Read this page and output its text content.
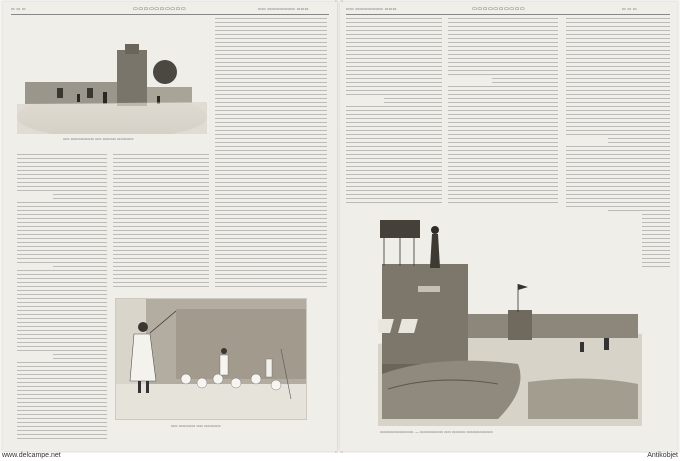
▭ ▭ ▭	▭▭▭▭▭▭▭▭▭▭	▭▭ ▭▭▭▭▭▭▭ ▭▭▭
▭▭ ▭▭▭▭▭▭▭ ▭▭ ▭▭▭▭ ▭▭▭▭▭
▭▭ ▭▭▭▭▭ ▭▭ ▭▭▭▭▭
▭▭ ▭▭▭▭▭▭▭ ▭▭▭	▭▭▭▭▭▭▭▭▭▭	▭ ▭ ▭
▭▭▭▭▭▭▭▭▭▭. — ▭▭▭▭▭▭▭ ▭▭ ▭▭▭▭ ▭▭▭▭▭▭▭▭
www.delcampe.net	Antikobjet
